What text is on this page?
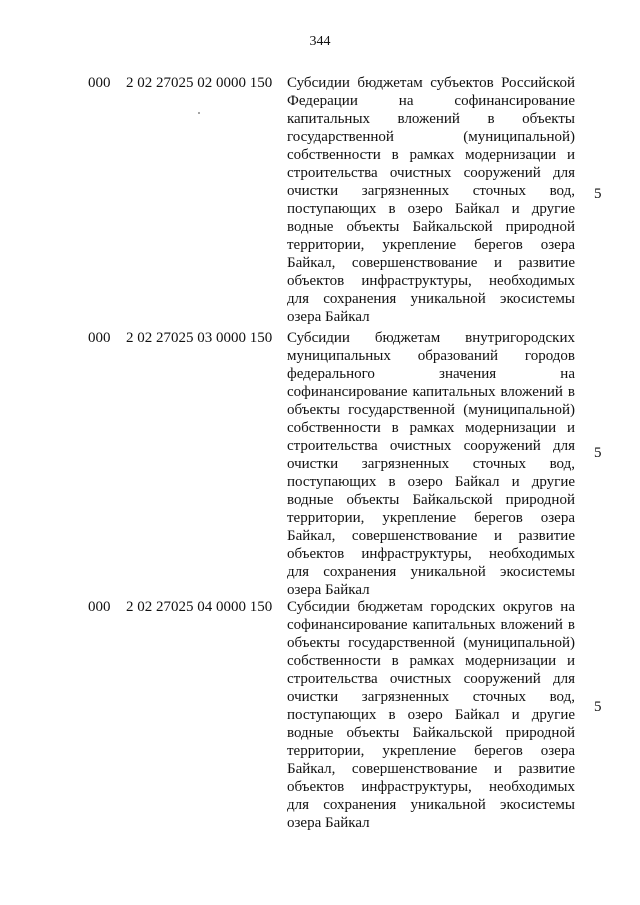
344
000 2 02 27025 02 0000 150 Субсидии бюджетам субъектов Российской
Федерации на софинансирование
капитальных вложений в объекты
государственной (муниципальной)
собственности в рамках модернизации и
строительства очистных сооружений для
очистки загрязненных сточных вод,
поступающих в озеро Байкал и другие
водные объекты Байкальской природной
территории, укрепление берегов озера
Байкал, совершенствование и развитие
объектов инфраструктуры, необходимых
для сохранения уникальной экосистемы
озера Байкал
5
000 2 02 27025 03 0000 150 Субсидии бюджетам внутригородских
муниципальных образований городов
федерального значения на
софинансирование капитальных вложений в
объекты государственной (муниципальной)
собственности в рамках модернизации и
строительства очистных сооружений для
очистки загрязненных сточных вод,
поступающих в озеро Байкал и другие
водные объекты Байкальской природной
территории, укрепление берегов озера
Байкал, совершенствование и развитие
объектов инфраструктуры, необходимых
для сохранения уникальной экосистемы
озера Байкал
5
000 2 02 27025 04 0000 150 Субсидии бюджетам городских округов на
софинансирование капитальных вложений в
объекты государственной (муниципальной)
собственности в рамках модернизации и
строительства очистных сооружений для
очистки загрязненных сточных вод,
поступающих в озеро Байкал и другие
водные объекты Байкальской природной
территории, укрепление берегов озера
Байкал, совершенствование и развитие
объектов инфраструктуры, необходимых
для сохранения уникальной экосистемы
озера Байкал
5
